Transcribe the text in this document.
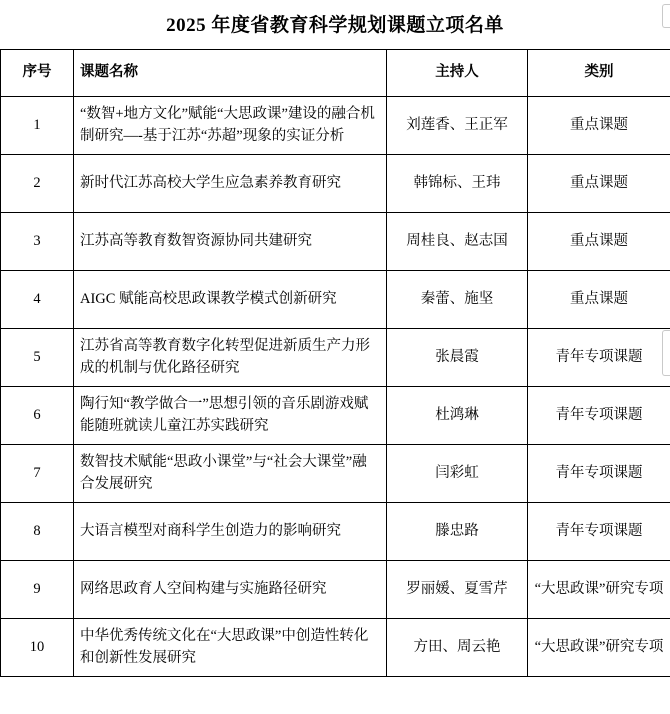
2025 年度省教育科学规划课题立项名单
序号	课题名称	主持人	类别
1	“数智+地方文化”赋能“大思政课”建设的融合机制研究—-基于江苏“苏超”现象的实证分析	刘莲香、王正军	重点课题
2	新时代江苏高校大学生应急素养教育研究	韩锦标、王玮	重点课题
3	江苏高等教育数智资源协同共建研究	周桂良、赵志国	重点课题
4	AIGC 赋能高校思政课教学模式创新研究	秦蕾、施坚	重点课题
5	江苏省高等教育数字化转型促进新质生产力形成的机制与优化路径研究	张晨霞	青年专项课题
6	陶行知“教学做合一”思想引领的音乐剧游戏赋能随班就读儿童江苏实践研究	杜鸿琳	青年专项课题
7	数智技术赋能“思政小课堂”与“社会大课堂”融合发展研究	闫彩虹	青年专项课题
8	大语言模型对商科学生创造力的影响研究	滕忠路	青年专项课题
9	网络思政育人空间构建与实施路径研究	罗丽媛、夏雪芹	“大思政课”研究专项
10	中华优秀传统文化在“大思政课”中创造性转化和创新性发展研究	方田、周云艳	“大思政课”研究专项
